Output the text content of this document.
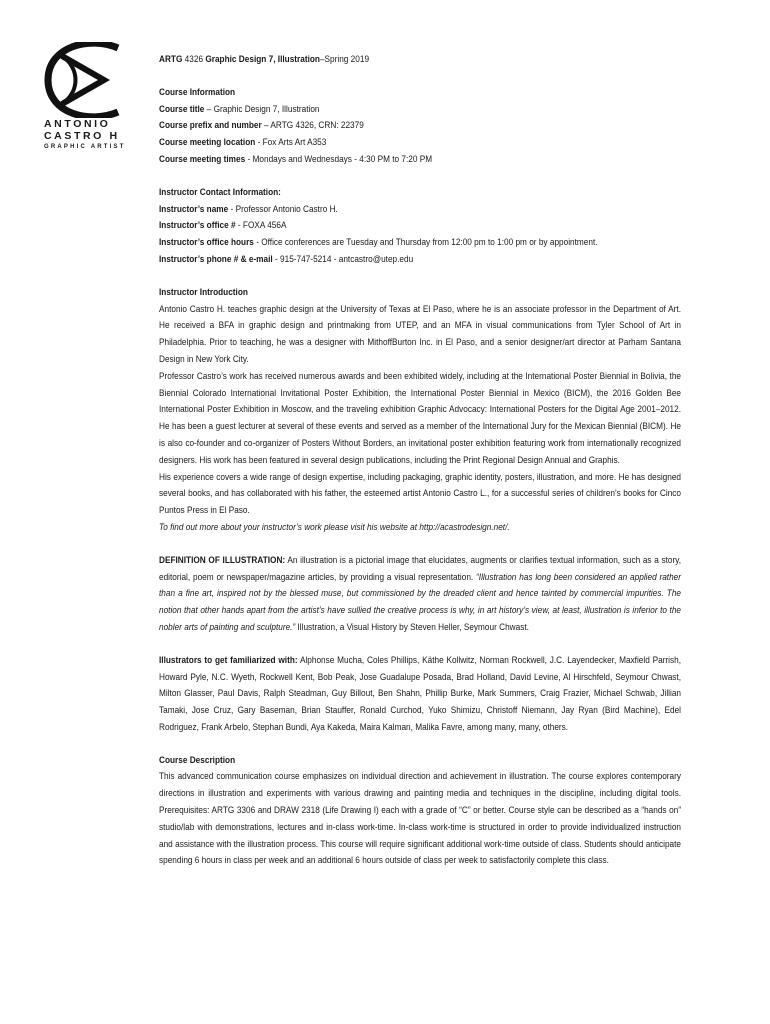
ANTONIO
CASTRO H
GRAPHIC ARTIST

ARTG 4326 Graphic Design 7, Illustration–Spring 2019

Course Information

Course title – Graphic Design 7, Illustration

Course prefix and number – ARTG 4326, CRN: 22379

Course meeting location - Fox Arts Art A353

Course meeting times - Mondays and Wednesdays - 4:30 PM to 7:20 PM

Instructor Contact Information:

Instructor’s name - Professor Antonio Castro H.

Instructor’s office # - FOXA 456A

Instructor’s office hours - Office conferences are Tuesday and Thursday from 12:00 pm to 1:00 pm or by appointment.

Instructor’s phone # & e-mail - 915-747-5214 - antcastro@utep.edu

Instructor Introduction

Antonio Castro H. teaches graphic design at the University of Texas at El Paso, where he is an associate professor in the Department of Art. He received a BFA in graphic design and printmaking from UTEP, and an MFA in visual communications from Tyler School of Art in Philadelphia. Prior to teaching, he was a designer with MithoffBurton Inc. in El Paso, and a senior designer/art director at Parham Santana Design in New York City.

Professor Castro’s work has received numerous awards and been exhibited widely, including at the International Poster Biennial in Bolivia, the Biennial Colorado International Invitational Poster Exhibition, the International Poster Biennial in Mexico (BICM), the 2016 Golden Bee International Poster Exhibition in Moscow, and the traveling exhibition Graphic Advocacy: International Posters for the Digital Age 2001–2012. He has been a guest lecturer at several of these events and served as a member of the International Jury for the Mexican Biennial (BICM). He is also co-founder and co-organizer of Posters Without Borders, an invitational poster exhibition featuring work from internationally recognized designers. His work has been featured in several design publications, including the Print Regional Design Annual and Graphis.

His experience covers a wide range of design expertise, including packaging, graphic identity, posters, illustration, and more. He has designed several books, and has collaborated with his father, the esteemed artist Antonio Castro L., for a successful series of children’s books for Cinco Puntos Press in El Paso.

To find out more about your instructor’s work please visit his website at http://acastrodesign.net/.

DEFINITION OF ILLUSTRATION: An illustration is a pictorial image that elucidates, augments or clarifies textual information, such as a story, editorial, poem or newspaper/magazine articles, by providing a visual representation. “Illustration has long been considered an applied rather than a fine art, inspired not by the blessed muse, but commissioned by the dreaded client and hence tainted by commercial impurities. The notion that other hands apart from the artist’s have sullied the creative process is why, in art history’s view, at least, illustration is inferior to the nobler arts of painting and sculpture.” Illustration, a Visual History by Steven Heller, Seymour Chwast.

Illustrators to get familiarized with: Alphonse Mucha, Coles Phillips, Käthe Kollwitz, Norman Rockwell, J.C. Layendecker, Maxfield Parrish, Howard Pyle, N.C. Wyeth, Rockwell Kent, Bob Peak, Jose Guadalupe Posada, Brad Holland, David Levine, Al Hirschfeld, Seymour Chwast, Milton Glasser, Paul Davis, Ralph Steadman, Guy Billout, Ben Shahn, Phillip Burke, Mark Summers, Craig Frazier, Michael Schwab, Jillian Tamaki, Jose Cruz, Gary Baseman, Brian Stauffer, Ronald Curchod, Yuko Shimizu, Christoff Niemann, Jay Ryan (Bird Machine), Edel Rodriguez, Frank Arbelo, Stephan Bundi, Aya Kakeda, Maira Kalman, Malika Favre, among many, many, others.

Course Description

This advanced communication course emphasizes on individual direction and achievement in illustration. The course explores contemporary directions in illustration and experiments with various drawing and painting media and techniques in the discipline, including digital tools. Prerequisites: ARTG 3306 and DRAW 2318 (Life Drawing I) each with a grade of “C” or better. Course style can be described as a “hands on” studio/lab with demonstrations, lectures and in-class work-time. In-class work-time is structured in order to provide individualized instruction and assistance with the illustration process. This course will require significant additional work-time outside of class. Students should anticipate spending 6 hours in class per week and an additional 6 hours outside of class per week to satisfactorily complete this class.
